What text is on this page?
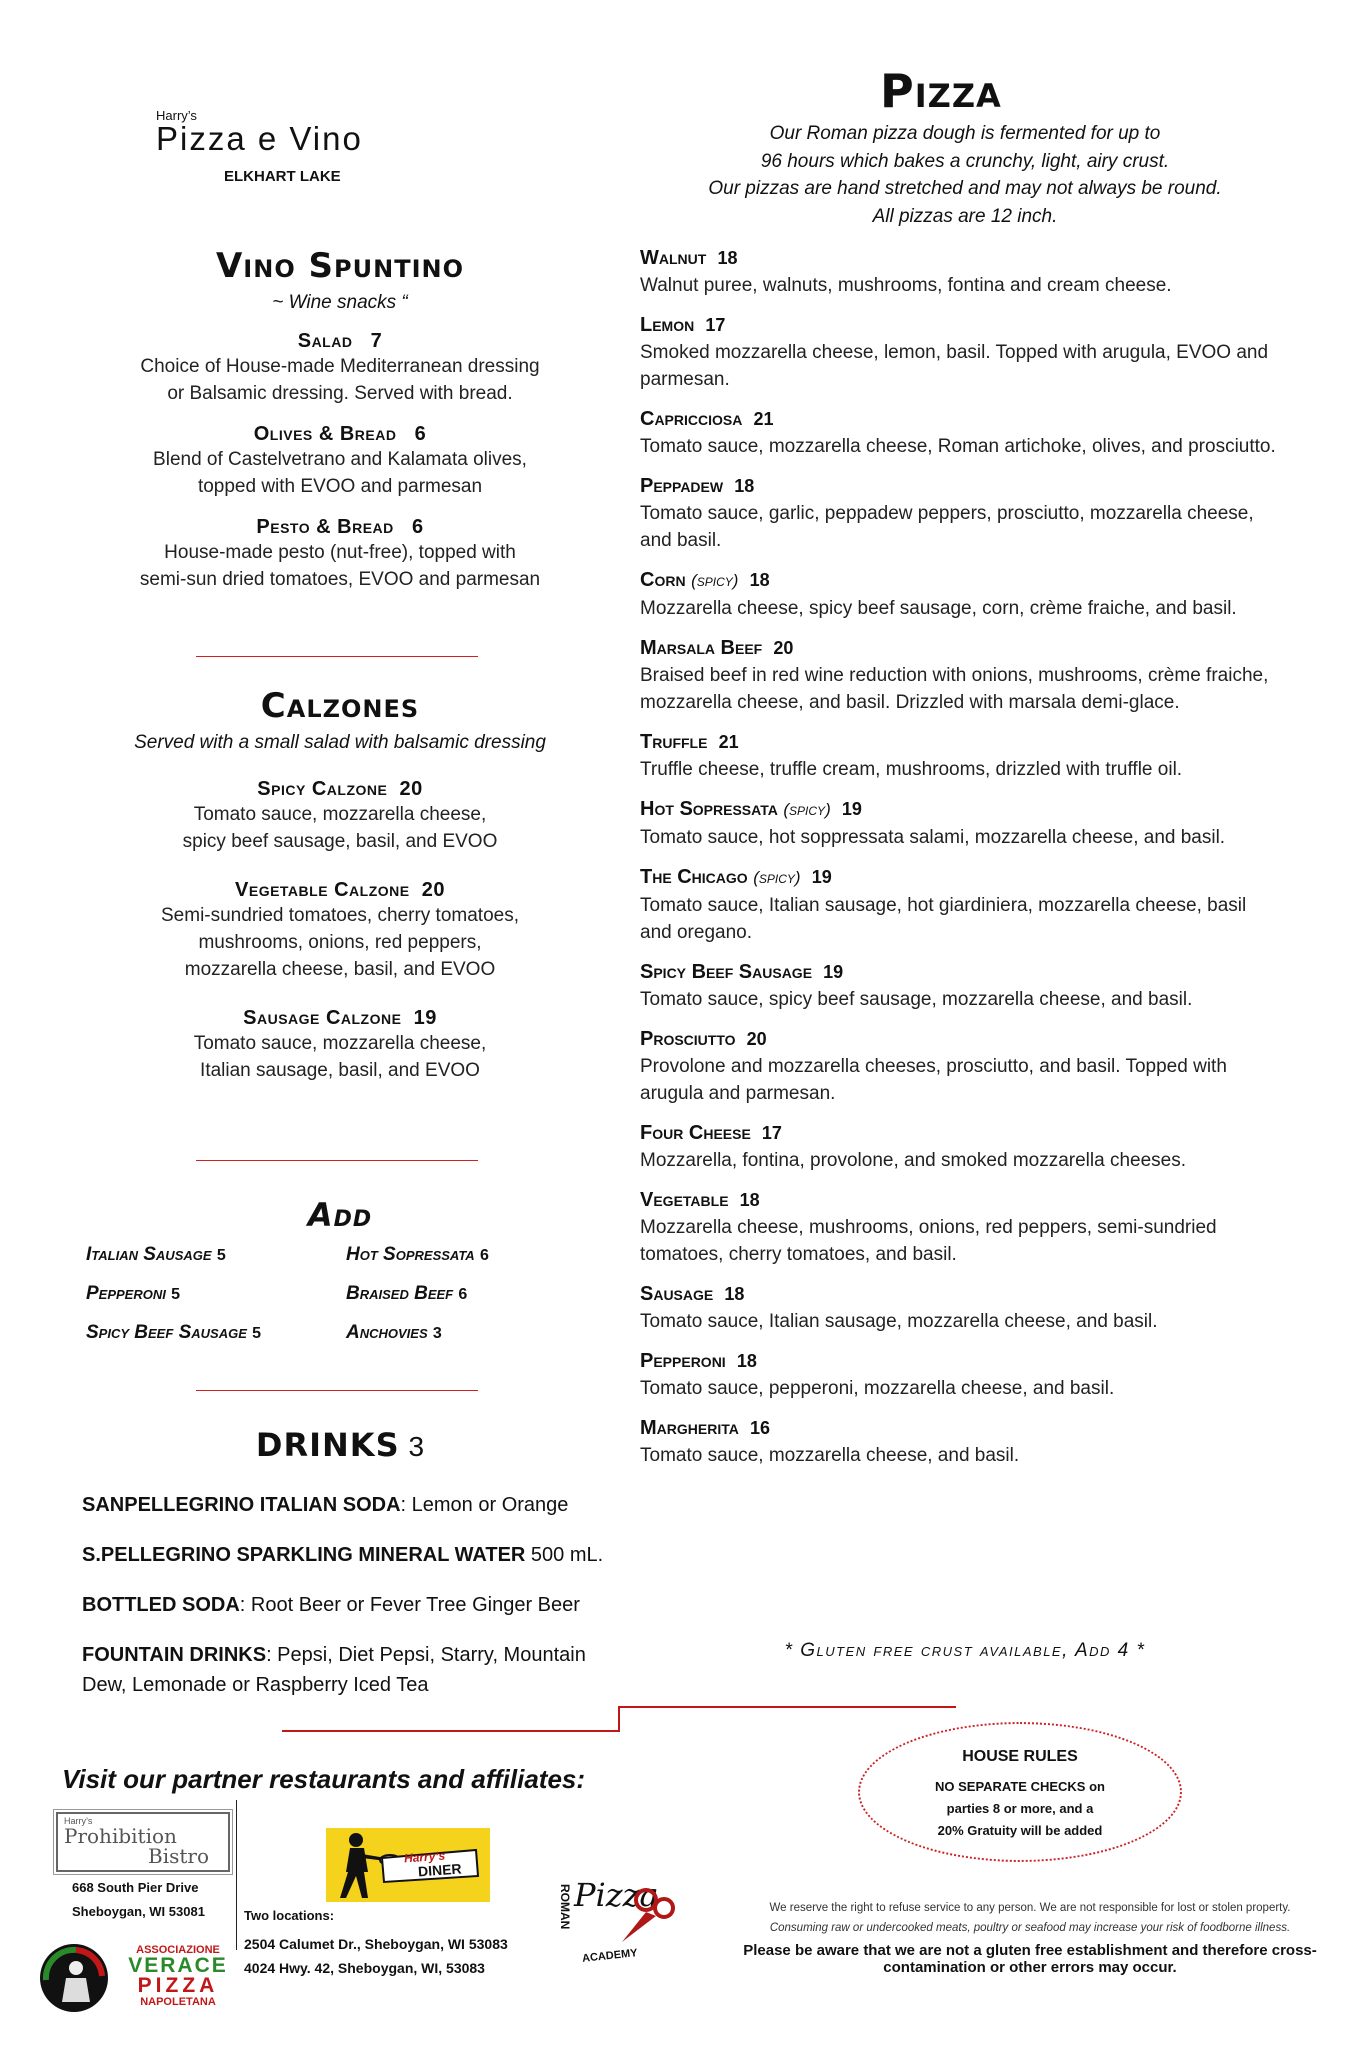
Harry’s
Pizza e Vino
ELKHART LAKE
Vino Spuntino
~ Wine snacks “
Salad 7
Choice of House-made Mediterranean dressing
or Balsamic dressing. Served with bread.
Olives & Bread 6
Blend of Castelvetrano and Kalamata olives,
topped with EVOO and parmesan
Pesto & Bread 6
House-made pesto (nut-free), topped with
semi-sun dried tomatoes, EVOO and parmesan
Calzones
Served with a small salad with balsamic dressing
Spicy Calzone 20
Tomato sauce, mozzarella cheese,
spicy beef sausage, basil, and EVOO
Vegetable Calzone 20
Semi-sundried tomatoes, cherry tomatoes,
mushrooms, onions, red peppers,
mozzarella cheese, basil, and EVOO
Sausage Calzone 19
Tomato sauce, mozzarella cheese,
Italian sausage, basil, and EVOO
Add
Italian Sausage 5	Hot Sopressata 6
Pepperoni 5	Braised Beef 6
Spicy Beef Sausage 5	Anchovies 3
DRINKS 3
SANPELLEGRINO ITALIAN SODA: Lemon or Orange
S.PELLEGRINO SPARKLING MINERAL WATER 500 mL.
BOTTLED SODA: Root Beer or Fever Tree Ginger Beer
FOUNTAIN DRINKS: Pepsi, Diet Pepsi, Starry, Mountain Dew, Lemonade or Raspberry Iced Tea
Pizza
Our Roman pizza dough is fermented for up to
96 hours which bakes a crunchy, light, airy crust.
Our pizzas are hand stretched and may not always be round.
All pizzas are 12 inch.
Walnut 18
Walnut puree, walnuts, mushrooms, fontina and cream cheese.
Lemon 17
Smoked mozzarella cheese, lemon, basil. Topped with arugula, EVOO and parmesan.
Capricciosa 21
Tomato sauce, mozzarella cheese, Roman artichoke, olives, and prosciutto.
Peppadew 18
Tomato sauce, garlic, peppadew peppers, prosciutto, mozzarella cheese, and basil.
Corn (spicy) 18
Mozzarella cheese, spicy beef sausage, corn, crème fraiche, and basil.
Marsala Beef 20
Braised beef in red wine reduction with onions, mushrooms, crème fraiche, mozzarella cheese, and basil. Drizzled with marsala demi-glace.
Truffle 21
Truffle cheese, truffle cream, mushrooms, drizzled with truffle oil.
Hot Sopressata (spicy) 19
Tomato sauce, hot soppressata salami, mozzarella cheese, and basil.
The Chicago (spicy) 19
Tomato sauce, Italian sausage, hot giardiniera, mozzarella cheese, basil and oregano.
Spicy Beef Sausage 19
Tomato sauce, spicy beef sausage, mozzarella cheese, and basil.
Prosciutto 20
Provolone and mozzarella cheeses, prosciutto, and basil. Topped with arugula and parmesan.
Four Cheese 17
Mozzarella, fontina, provolone, and smoked mozzarella cheeses.
Vegetable 18
Mozzarella cheese, mushrooms, onions, red peppers, semi-sundried tomatoes, cherry tomatoes, and basil.
Sausage 18
Tomato sauce, Italian sausage, mozzarella cheese, and basil.
Pepperoni 18
Tomato sauce, pepperoni, mozzarella cheese, and basil.
Margherita 16
Tomato sauce, mozzarella cheese, and basil.
* Gluten free crust available, Add 4 *
Visit our partner restaurants and affiliates:
Harry’s
Prohibition
Bistro
668 South Pier Drive
Sheboygan, WI 53081
Harry’s
DINER
Two locations:
2504 Calumet Dr., Sheboygan, WI 53083
4024 Hwy. 42, Sheboygan, WI, 53083
ASSOCIAZIONE
VERACE
PIZZA
NAPOLETANA
ROMAN Pizza
ACADEMY
HOUSE RULES
NO SEPARATE CHECKS on
parties 8 or more, and a
20% Gratuity will be added
We reserve the right to refuse service to any person. We are not responsible for lost or stolen property.
Consuming raw or undercooked meats, poultry or seafood may increase your risk of foodborne illness.
Please be aware that we are not a gluten free establishment and therefore cross- contamination or other errors may occur.
